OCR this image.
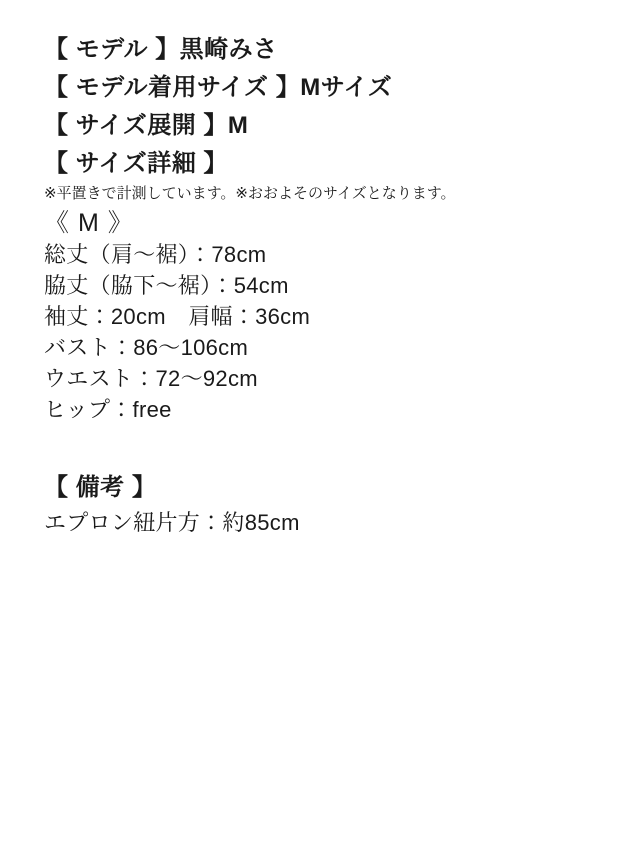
【 モデル 】黒崎みさ
【 モデル着用サイズ 】Mサイズ
【 サイズ展開 】M
【 サイズ詳細 】
※平置きで計測しています。※おおよそのサイズとなります。
《 M 》
総丈（肩〜裾）：78cm
脇丈（脇下〜裾）：54cm
袖丈：20cm　肩幅：36cm
バスト：86〜106cm
ウエスト：72〜92cm
ヒップ：free
【 備考 】
エプロン紐片方：約85cm
